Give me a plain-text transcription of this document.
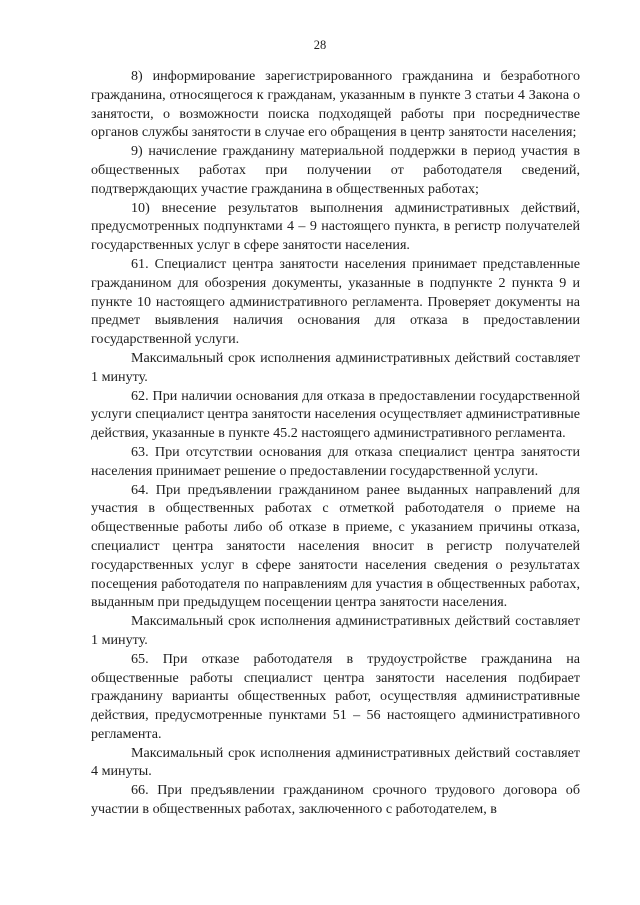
28

8) информирование зарегистрированного гражданина и безработного гражданина, относящегося к гражданам, указанным в пункте 3 статьи 4 Закона о занятости, о возможности поиска подходящей работы при посредничестве органов службы занятости в случае его обращения в центр занятости населения;

9) начисление гражданину материальной поддержки в период участия в общественных работах при получении от работодателя сведений, подтверждающих участие гражданина в общественных работах;

10) внесение результатов выполнения административных действий, предусмотренных подпунктами 4 – 9 настоящего пункта, в регистр получателей государственных услуг в сфере занятости населения.

61. Специалист центра занятости населения принимает представленные гражданином для обозрения документы, указанные в подпункте 2 пункта 9 и пункте 10 настоящего административного регламента. Проверяет документы на предмет выявления наличия основания для отказа в предоставлении государственной услуги.

Максимальный срок исполнения административных действий составляет 1 минуту.

62. При наличии основания для отказа в предоставлении государственной услуги специалист центра занятости населения осуществляет административные действия, указанные в пункте 45.2 настоящего административного регламента.

63. При отсутствии основания для отказа специалист центра занятости населения принимает решение о предоставлении государственной услуги.

64. При предъявлении гражданином ранее выданных направлений для участия в общественных работах с отметкой работодателя о приеме на общественные работы либо об отказе в приеме, с указанием причины отказа, специалист центра занятости населения вносит в регистр получателей государственных услуг в сфере занятости населения сведения о результатах посещения работодателя по направлениям для участия в общественных работах, выданным при предыдущем посещении центра занятости населения.

Максимальный срок исполнения административных действий составляет 1 минуту.

65. При отказе работодателя в трудоустройстве гражданина на общественные работы специалист центра занятости населения подбирает гражданину варианты общественных работ, осуществляя административные действия, предусмотренные пунктами 51 – 56 настоящего административного регламента.

Максимальный срок исполнения административных действий составляет 4 минуты.

66. При предъявлении гражданином срочного трудового договора об участии в общественных работах, заключенного с работодателем, в
